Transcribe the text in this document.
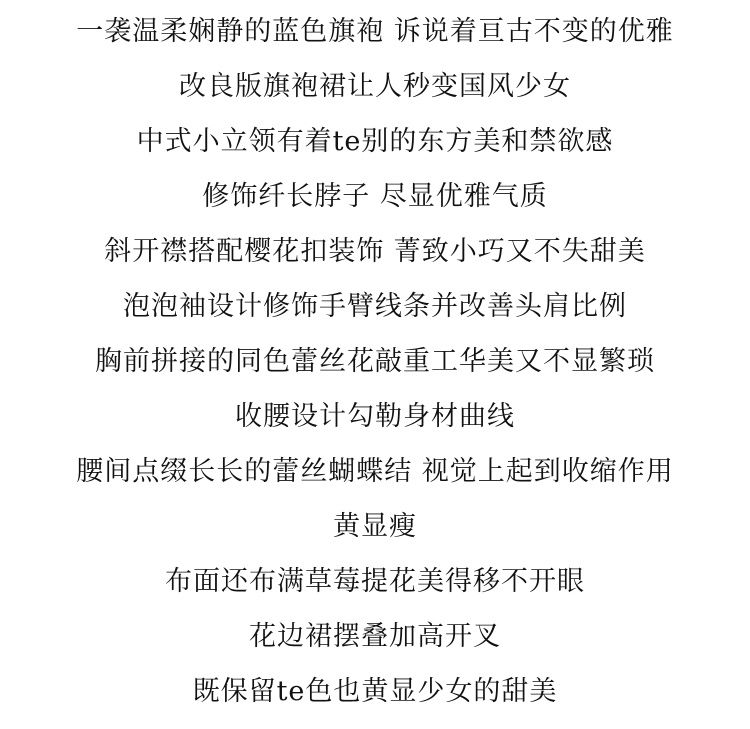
一袭温柔娴静的蓝色旗袍 诉说着亘古不变的优雅
改良版旗袍裙让人秒变国风少女
中式小立领有着te别的东方美和禁欲感
修饰纤长脖子 尽显优雅气质
斜开襟搭配樱花扣装饰 菁致小巧又不失甜美
泡泡袖设计修饰手臂线条并改善头肩比例
胸前拼接的同色蕾丝花敲重工华美又不显繁琐
收腰设计勾勒身材曲线
腰间点缀长长的蕾丝蝴蝶结 视觉上起到收缩作用
黄显瘦
布面还布满草莓提花美得移不开眼
花边裙摆叠加高开叉
既保留te色也黄显少女的甜美
